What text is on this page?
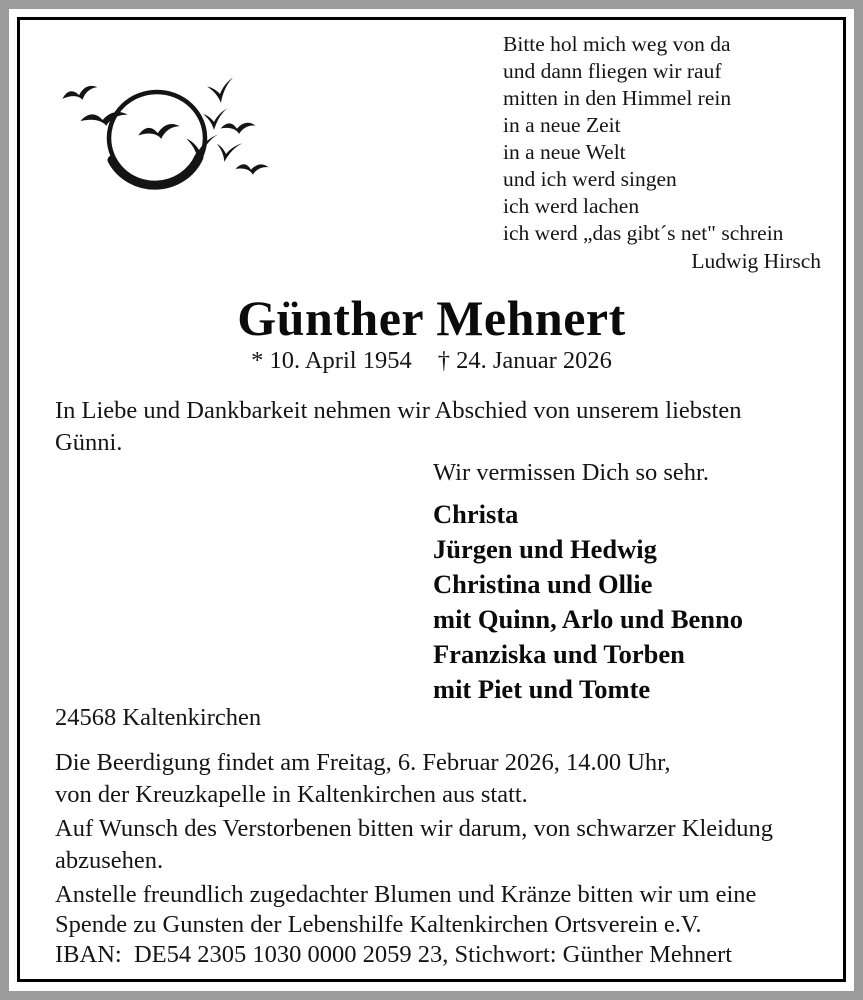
Bitte hol mich weg von da
und dann fliegen wir rauf
mitten in den Himmel rein
in a neue Zeit
in a neue Welt
und ich werd singen
ich werd lachen
ich werd „das gibt´s net" schrein
Ludwig Hirsch
Günther Mehnert
* 10. April 1954 † 24. Januar 2026
In Liebe und Dankbarkeit nehmen wir Abschied von unserem liebsten
Günni.
Wir vermissen Dich so sehr.
Christa
Jürgen und Hedwig
Christina und Ollie
mit Quinn, Arlo und Benno
Franziska und Torben
mit Piet und Tomte
24568 Kaltenkirchen
Die Beerdigung findet am Freitag, 6. Februar 2026, 14.00 Uhr,
von der Kreuzkapelle in Kaltenkirchen aus statt.
Auf Wunsch des Verstorbenen bitten wir darum, von schwarzer Kleidung
abzusehen.
Anstelle freundlich zugedachter Blumen und Kränze bitten wir um eine
Spende zu Gunsten der Lebenshilfe Kaltenkirchen Ortsverein e.V.
IBAN:  DE54 2305 1030 0000 2059 23, Stichwort: Günther Mehnert
